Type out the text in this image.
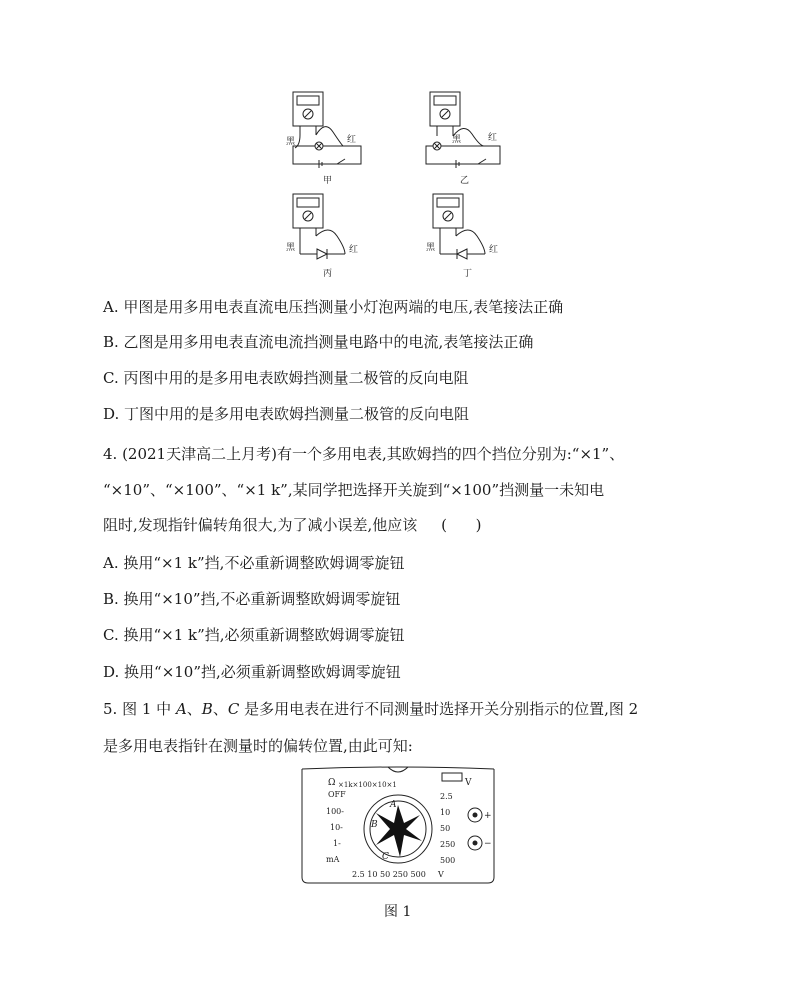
黑	红
甲
黑	红
乙
黑	红
丙
黑	红
丁
A. 甲图是用多用电表直流电压挡测量小灯泡两端的电压,表笔接法正确
B. 乙图是用多用电表直流电流挡测量电路中的电流,表笔接法正确
C. 丙图中用的是多用电表欧姆挡测量二极管的反向电阻
D. 丁图中用的是多用电表欧姆挡测量二极管的反向电阻
4. (2021天津高二上月考)有一个多用电表,其欧姆挡的四个挡位分别为:“×1”、
“×10”、“×100”、“×1 k”,某同学把选择开关旋到“×100”挡测量一未知电
阻时,发现指针偏转角很大,为了减小误差,他应该     (      )
A. 换用“×1 k”挡,不必重新调整欧姆调零旋钮
B. 换用“×10”挡,不必重新调整欧姆调零旋钮
C. 换用“×1 k”挡,必须重新调整欧姆调零旋钮
D. 换用“×10”挡,必须重新调整欧姆调零旋钮
5. 图 1 中 A、B、C 是多用电表在进行不同测量时选择开关分别指示的位置,图 2
是多用电表指针在测量时的偏转位置,由此可知:
Ω	V
×1k×100×10×1
OFF
100-
10-
1-
mA
2.5
10
50
250
500
2.5 10 50 250 500 V
A
B
C
+
−
图 1
